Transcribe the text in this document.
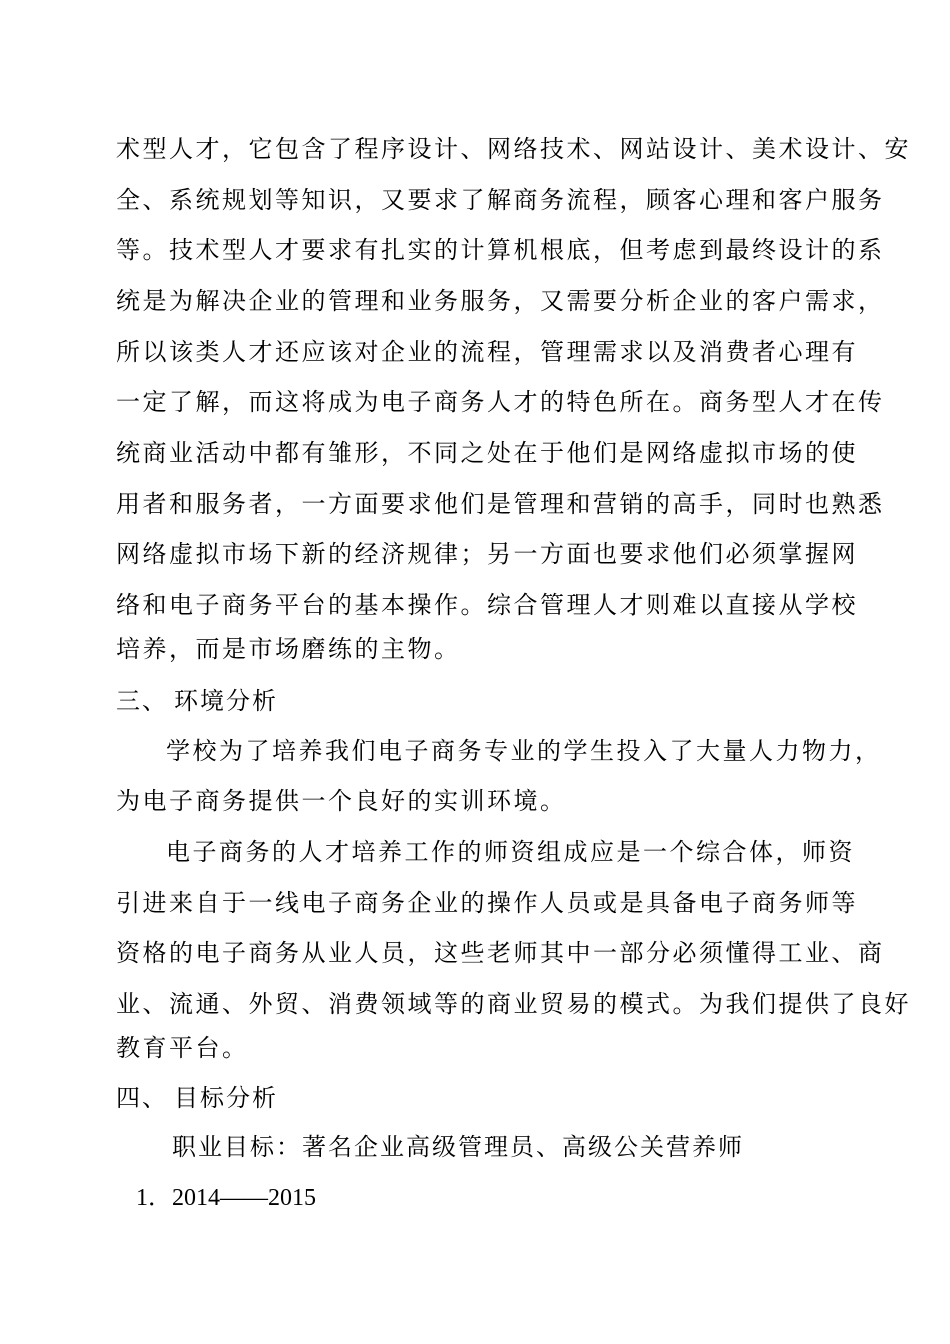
术型人才，它包含了程序设计、网络技术、网站设计、美术设计、安
全、系统规划等知识，又要求了解商务流程，顾客心理和客户服务
等。技术型人才要求有扎实的计算机根底，但考虑到最终设计的系
统是为解决企业的管理和业务服务，又需要分析企业的客户需求，
所以该类人才还应该对企业的流程，管理需求以及消费者心理有
一定了解，而这将成为电子商务人才的特色所在。商务型人才在传
统商业活动中都有雏形，不同之处在于他们是网络虚拟市场的使
用者和服务者，一方面要求他们是管理和营销的高手，同时也熟悉
网络虚拟市场下新的经济规律；另一方面也要求他们必须掌握网
络和电子商务平台的基本操作。综合管理人才则难以直接从学校
培养，而是市场磨练的主物。
三、 环境分析
学校为了培养我们电子商务专业的学生投入了大量人力物力，
为电子商务提供一个良好的实训环境。
电子商务的人才培养工作的师资组成应是一个综合体，师资
引进来自于一线电子商务企业的操作人员或是具备电子商务师等
资格的电子商务从业人员，这些老师其中一部分必须懂得工业、商
业、流通、外贸、消费领域等的商业贸易的模式。为我们提供了良好
教育平台。
四、 目标分析
职业目标：著名企业高级管理员、高级公关营养师
1．2014——2015
